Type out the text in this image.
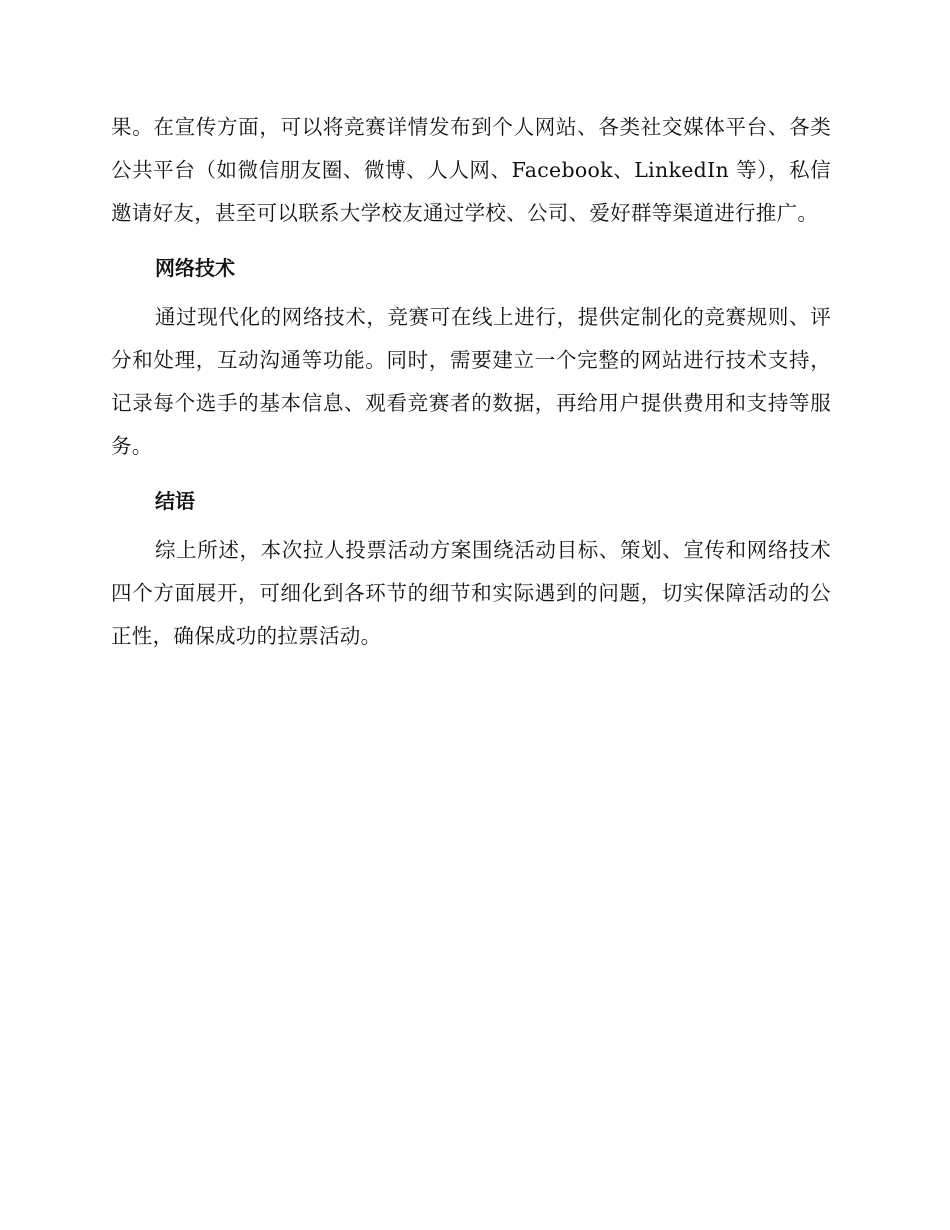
果。在宣传方面，可以将竞赛详情发布到个人网站、各类社交媒体平台、各类公共平台（如微信朋友圈、微博、人人网、Facebook、LinkedIn 等），私信邀请好友，甚至可以联系大学校友通过学校、公司、爱好群等渠道进行推广。

网络技术

通过现代化的网络技术，竞赛可在线上进行，提供定制化的竞赛规则、评分和处理，互动沟通等功能。同时，需要建立一个完整的网站进行技术支持，记录每个选手的基本信息、观看竞赛者的数据，再给用户提供费用和支持等服务。

结语

综上所述，本次拉人投票活动方案围绕活动目标、策划、宣传和网络技术四个方面展开，可细化到各环节的细节和实际遇到的问题，切实保障活动的公正性，确保成功的拉票活动。
